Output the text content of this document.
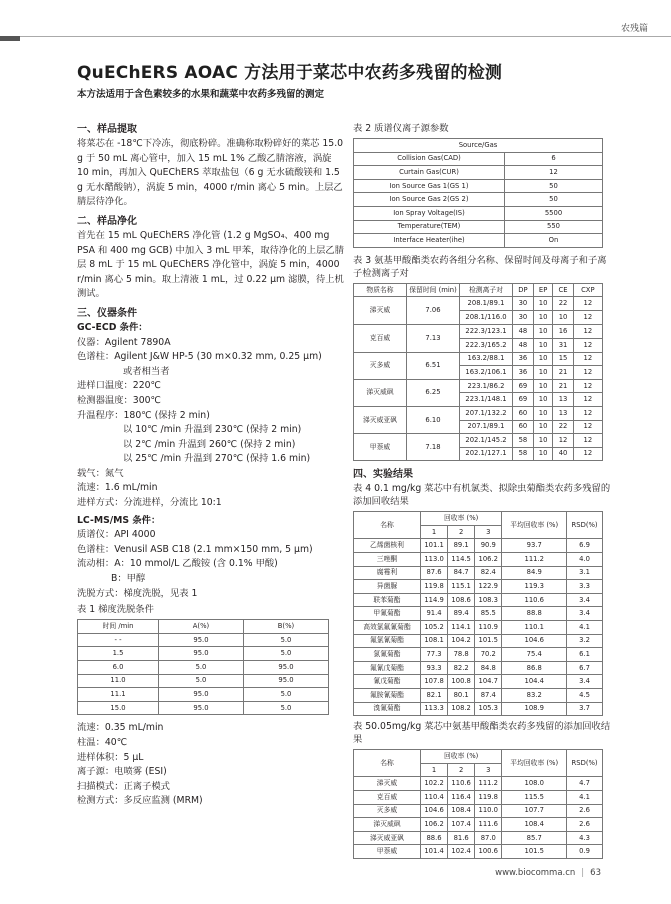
农残篇
QuEChERS AOAC 方法用于菜芯中农药多残留的检测
本方法适用于含色素较多的水果和蔬菜中农药多残留的测定
一、样品提取

将菜芯在 -18℃下冷冻，彻底粉碎。准确称取粉碎好的菜芯 15.0 g 于 50 mL 离心管中，加入 15 mL 1% 乙酸乙腈溶液，涡旋 10 min，再加入 QuEChERS 萃取盐包（6 g 无水硫酸镁和 1.5 g 无水醋酸钠），涡旋 5 min，4000 r/min 离心 5 min。上层乙腈层待净化。

二、样品净化

首先在 15 mL QuEChERS 净化管 (1.2 g MgSO₄、400 mg PSA 和 400 mg GCB) 中加入 3 mL 甲苯，取待净化的上层乙腈层 8 mL 于 15 mL QuEChERS 净化管中，涡旋 5 min，4000 r/min 离心 5 min。取上清液 1 mL，过 0.22 μm 滤膜，待上机测试。

三、仪器条件

GC-ECD 条件：

仪器：Agilent 7890A

色谱柱：Agilent J&W HP-5 (30 m×0.32 mm, 0.25 μm)

或者相当者

进样口温度：220℃

检测器温度：300℃

升温程序：180℃ (保持 2 min)

以 10℃ /min 升温到 230℃ (保持 2 min)

以 2℃ /min 升温到 260℃ (保持 2 min)

以 25℃ /min 升温到 270℃ (保持 1.6 min)

载气：氮气

流速：1.6 mL/min

进样方式：分流进样，分流比 10:1

LC-MS/MS 条件：

质谱仪：API 4000

色谱柱：Venusil ASB C18 (2.1 mm×150 mm, 5 μm)

流动相：A：10 mmol/L 乙酸铵 (含 0.1% 甲酸)

B：甲醇

洗脱方式：梯度洗脱，见表 1

表 1 梯度洗脱条件

时间 /min	A(%)	B(%)
- -	95.0	5.0
1.5	95.0	5.0
6.0	5.0	95.0
11.0	5.0	95.0
11.1	95.0	5.0
15.0	95.0	5.0

流速：0.35 mL/min

柱温：40℃

进样体积：5 μL

离子源：电喷雾 (ESI)

扫描模式：正离子模式

检测方式：多反应监测 (MRM)

表 2 质谱仪离子源参数

Source/Gas	
Collision Gas(CAD)	6
Curtain Gas(CUR)	12
Ion Source Gas 1(GS 1)	50
Ion Source Gas 2(GS 2)	50
Ion Spray Voltage(IS)	5500
Temperature(TEM)	550
Interface Heater(ihe)	On

表 3 氨基甲酸酯类农药各组分名称、保留时间及母离子和子离子检测离子对

物质名称	保留时间 (min)	检测离子对	DP	EP	CE	CXP
涕灭威	7.06	208.1/89.1	30	10	22	12
		208.1/116.0	30	10	10	12
克百威	7.13	222.3/123.1	48	10	16	12
		222.3/165.2	48	10	31	12
灭多威	6.51	163.2/88.1	36	10	15	12
		163.2/106.1	36	10	21	12
涕灭威砜	6.25	223.1/86.2	69	10	21	12
		223.1/148.1	69	10	13	12
涕灭威亚砜	6.10	207.1/132.2	60	10	13	12
		207.1/89.1	60	10	22	12
甲萘威	7.18	202.1/145.2	58	10	12	12
		202.1/127.1	58	10	40	12
四、实验结果

表 4 0.1 mg/kg 菜芯中有机氯类、拟除虫菊酯类农药多残留的添加回收结果

名称	回收率 (%)			平均回收率 (%)	RSD(%)
	1	2	3		
乙烯菌核利	101.1	89.1	90.9	93.7	6.9
三唑酮	113.0	114.5	106.2	111.2	4.0
腐霉利	87.6	84.7	82.4	84.9	3.1
异菌脲	119.8	115.1	122.9	119.3	3.3
联苯菊酯	114.9	108.6	108.3	110.6	3.4
甲氰菊酯	91.4	89.4	85.5	88.8	3.4
高效氯氟氰菊酯	105.2	114.1	110.9	110.1	4.1
氟氯氰菊酯	108.1	104.2	101.5	104.6	3.2
氯氰菊酯	77.3	78.8	70.2	75.4	6.1
氟氰戊菊酯	93.3	82.2	84.8	86.8	6.7
氰戊菊酯	107.8	100.8	104.7	104.4	3.4
氟胺氰菊酯	82.1	80.1	87.4	83.2	4.5
溴氰菊酯	113.3	108.2	105.3	108.9	3.7

表 50.05mg/kg 菜芯中氨基甲酸酯类农药多残留的添加回收结果

名称	回收率 (%)			平均回收率 (%)	RSD(%)
	1	2	3		
涕灭威	102.2	110.6	111.2	108.0	4.7
克百威	110.4	116.4	119.8	115.5	4.1
灭多威	104.6	108.4	110.0	107.7	2.6
涕灭威砜	106.2	107.4	111.6	108.4	2.6
涕灭威亚砜	88.6	81.6	87.0	85.7	4.3
甲萘威	101.4	102.4	100.6	101.5	0.9
www.biocomma.cn | 63
